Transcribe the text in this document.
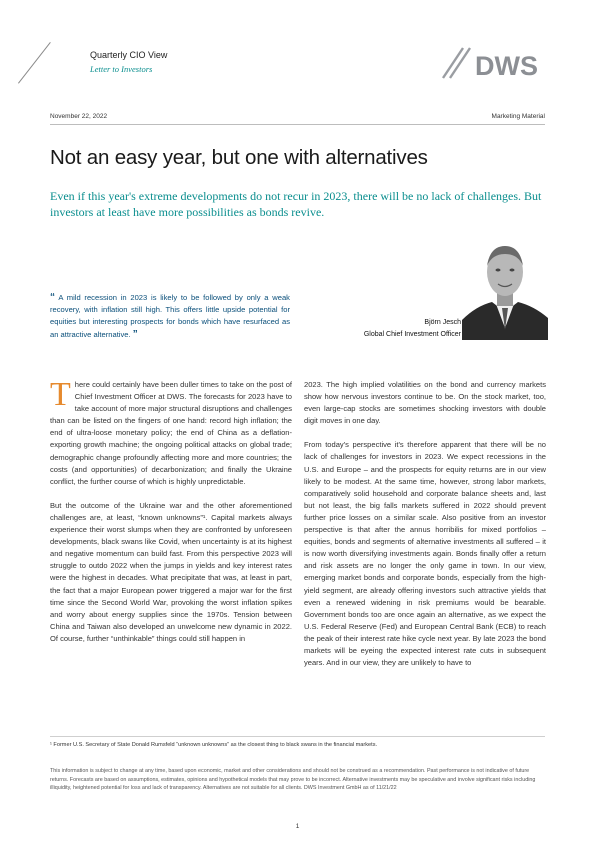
Quarterly CIO View
Letter to Investors	DWS
November 22, 2022	Marketing Material
Not an easy year, but one with alternatives
Even if this year's extreme developments do not recur in 2023, there will be no lack of challenges. But investors at least have more possibilities as bonds revive.
“ A mild recession in 2023 is likely to be followed by only a weak recovery, with inflation still high. This offers little upside potential for equities but interesting prospects for bonds which have resurfaced as an attractive alternative. ”
Björn Jesch
Global Chief Investment Officer

There could certainly have been duller times to take on the post of Chief Investment Officer at DWS. The forecasts for 2023 have to take account of more major structural disruptions and challenges than can be listed on the fingers of one hand: record high inflation; the end of ultra-loose monetary policy; the end of China as a deflation-exporting growth machine; the ongoing political attacks on global trade; demographic change profoundly affecting more and more countries; the costs (and opportunities) of decarbonization; and finally the Ukraine conflict, the further course of which is highly unpredictable.

But the outcome of the Ukraine war and the other aforementioned challenges are, at least, “known unknowns”¹. Capital markets always experience their worst slumps when they are confronted by unforeseen developments, black swans like Covid, when uncertainty is at its highest and negative momentum can build fast. From this perspective 2023 will struggle to outdo 2022 when the jumps in yields and key interest rates were the highest in decades. What precipitate that was, at least in part, the fact that a major European power triggered a major war for the first time since the Second World War, provoking the worst inflation spikes and worry about energy supplies since the 1970s. Tension between China and Taiwan also developed an unwelcome new dynamic in 2022. Of course, further “unthinkable” things could still happen in

2023. The high implied volatilities on the bond and currency markets show how nervous investors continue to be. On the stock market, too, even large-cap stocks are sometimes shocking investors with double digit moves in one day.

From today's perspective it's therefore apparent that there will be no lack of challenges for investors in 2023. We expect recessions in the U.S. and Europe – and the prospects for equity returns are in our view likely to be modest. At the same time, however, strong labor markets, comparatively solid household and corporate balance sheets and, last but not least, the big falls markets suffered in 2022 should prevent further price losses on a similar scale. Also positive from an investor perspective is that after the annus horribilis for mixed portfolios – equities, bonds and segments of alternative investments all suffered – it is now worth diversifying investments again. Bonds finally offer a return and risk assets are no longer the only game in town. In our view, emerging market bonds and corporate bonds, especially from the high-yield segment, are already offering investors such attractive yields that even a renewed widening in risk premiums would be bearable. Government bonds too are once again an alternative, as we expect the U.S. Federal Reserve (Fed) and European Central Bank (ECB) to reach the peak of their interest rate hike cycle next year. By late 2023 the bond markets will be eyeing the expected interest rate cuts in subsequent years. And in our view, they are unlikely to have to

¹ Former U.S. Secretary of State Donald Rumsfeld “unknown unknowns” as the closest thing to black swans in the financial markets.
This information is subject to change at any time, based upon economic, market and other considerations and should not be construed as a recommendation. Past performance is not indicative of future returns. Forecasts are based on assumptions, estimates, opinions and hypothetical models that may prove to be incorrect. Alternative investments may be speculative and involve significant risks including illiquidity, heightened potential for loss and lack of transparency. Alternatives are not suitable for all clients. DWS Investment GmbH as of 11/21/22
1
